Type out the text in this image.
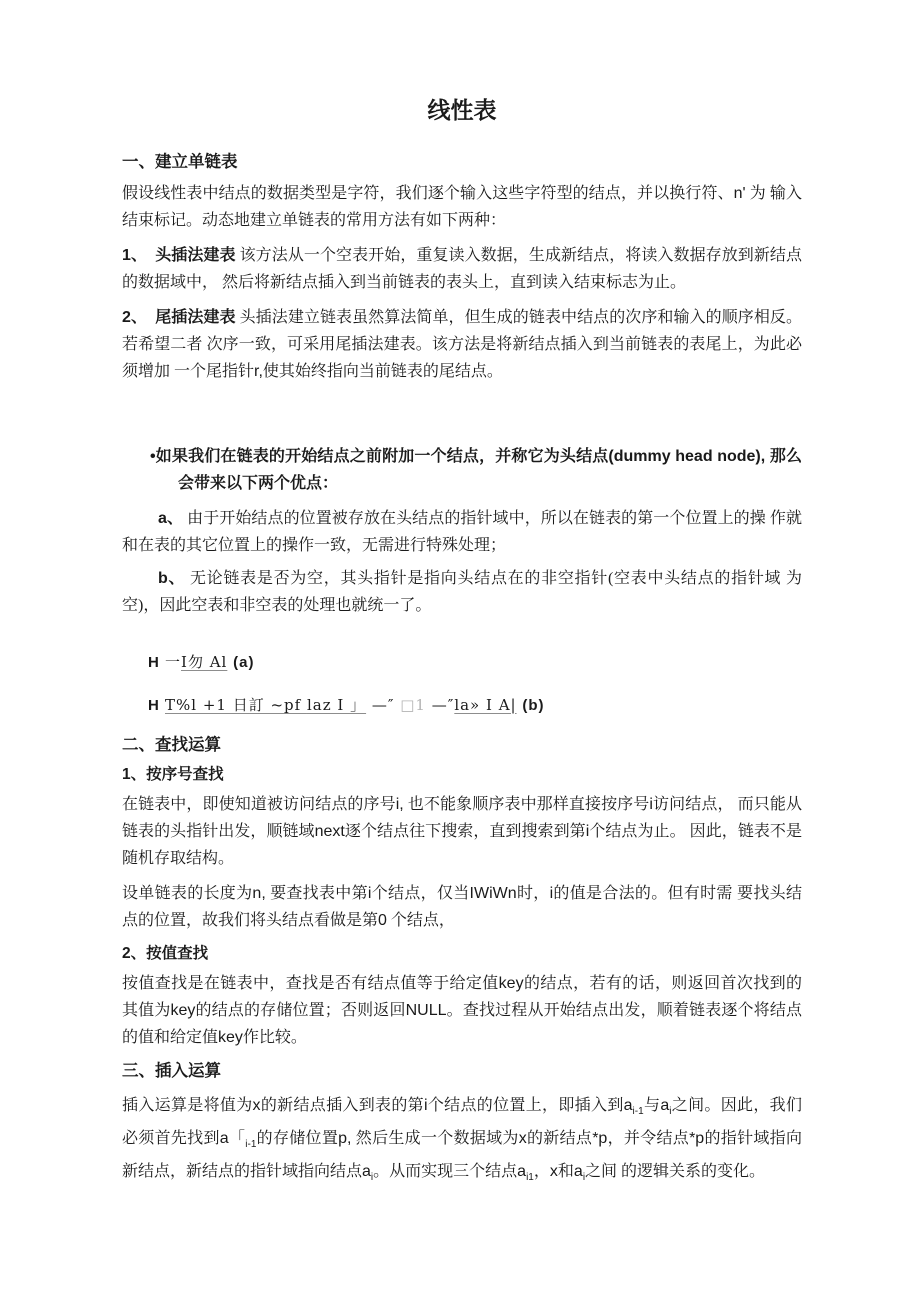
线性表
一、建立单链表

假设线性表中结点的数据类型是字符，我们逐个输入这些字符型的结点，并以换行符、n' 为 输入结束标记。动态地建立单链表的常用方法有如下两种：

1、 头插法建表 该方法从一个空表开始，重复读入数据，生成新结点，将读入数据存放到新结点的数据域中， 然后将新结点插入到当前链表的表头上，直到读入结束标志为止。

2、 尾插法建表 头插法建立链表虽然算法简单，但生成的链表中结点的次序和输入的顺序相反。若希望二者 次序一致，可采用尾插法建表。该方法是将新结点插入到当前链表的表尾上，为此必须增加 一个尾指针r,使其始终指向当前链表的尾结点。

•如果我们在链表的开始结点之前附加一个结点，并称它为头结点(dummy head node), 那么会带来以下两个优点：

a、 由于开始结点的位置被存放在头结点的指针域中，所以在链表的第一个位置上的操 作就和在表的其它位置上的操作一致，无需进行特殊处理；

b、 无论链表是否为空，其头指针是指向头结点在的非空指针(空表中头结点的指针域 为空)，因此空表和非空表的处理也就统一了。

H 一I勿 Al (a)

H T%l +1 日訂 ~pf laz I 」 —″ □1 —″la» I A| (b)

二、查找运算
1、按序号查找

在链表中，即使知道被访问结点的序号i, 也不能象顺序表中那样直接按序号i访问结点， 而只能从链表的头指针出发，顺链域next逐个结点往下搜索，直到搜索到第i个结点为止。 因此，链表不是随机存取结构。

设单链表的长度为n, 要查找表中第i个结点，仅当IWiWn时，i的值是合法的。但有时需 要找头结点的位置，故我们将头结点看做是第0 个结点，

2、按值查找

按值查找是在链表中，查找是否有结点值等于给定值key的结点，若有的话，则返回首次找到的其值为key的结点的存储位置；否则返回NULL。查找过程从开始结点出发，顺着链表逐个将结点的值和给定值key作比较。

三、插入运算

插入运算是将值为x的新结点插入到表的第i个结点的位置上，即插入到$a_{i-1}$与$a_i$之间。因此，我们必须首先找到a「$_{i-1}$的存储位置p, 然后生成一个数据域为x的新结点*p，并令结点*p的指针域指向新结点，新结点的指针域指向结点$a_i$。从而实现三个结点$a_{i1}$，x和$a_i$之间 的逻辑关系的变化。
